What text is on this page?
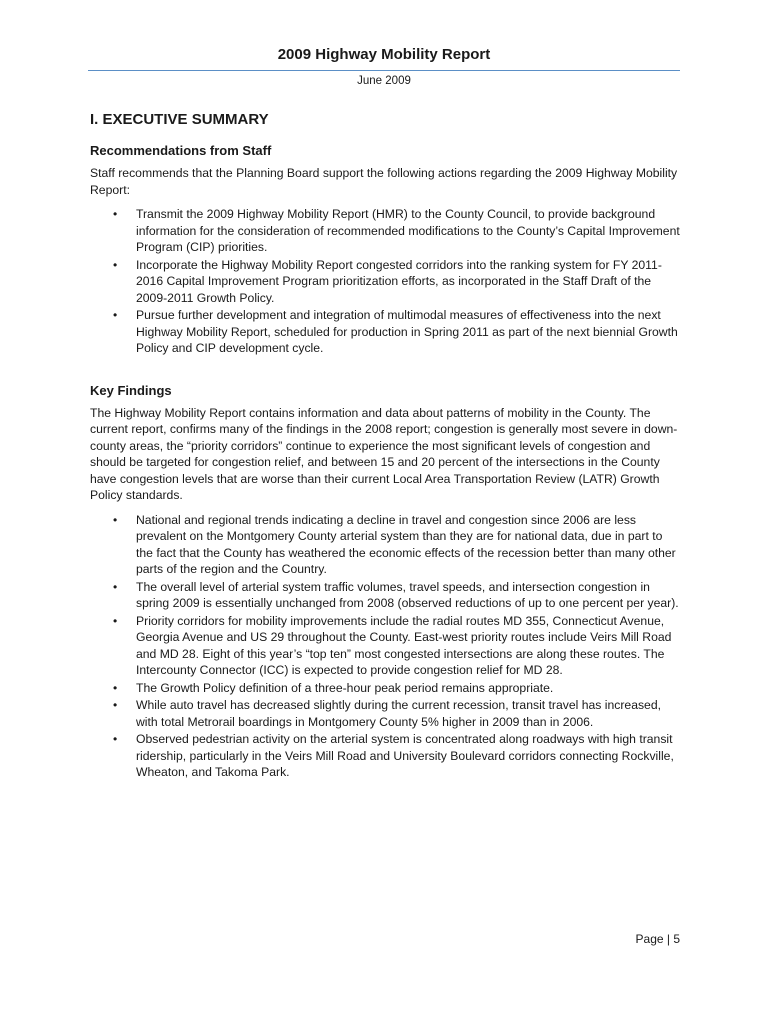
2009 Highway Mobility Report
June 2009
I. EXECUTIVE SUMMARY
Recommendations from Staff

Staff recommends that the Planning Board support the following actions regarding the 2009 Highway Mobility Report:

• Transmit the 2009 Highway Mobility Report (HMR) to the County Council, to provide background information for the consideration of recommended modifications to the County’s Capital Improvement Program (CIP) priorities.
• Incorporate the Highway Mobility Report congested corridors into the ranking system for FY 2011-2016 Capital Improvement Program prioritization efforts, as incorporated in the Staff Draft of the 2009-2011 Growth Policy.
• Pursue further development and integration of multimodal measures of effectiveness into the next Highway Mobility Report, scheduled for production in Spring 2011 as part of the next biennial Growth Policy and CIP development cycle.
Key Findings

The Highway Mobility Report contains information and data about patterns of mobility in the County. The current report, confirms many of the findings in the 2008 report; congestion is generally most severe in down-county areas, the “priority corridors” continue to experience the most significant levels of congestion and should be targeted for congestion relief, and between 15 and 20 percent of the intersections in the County have congestion levels that are worse than their current Local Area Transportation Review (LATR) Growth Policy standards.

• National and regional trends indicating a decline in travel and congestion since 2006 are less prevalent on the Montgomery County arterial system than they are for national data, due in part to the fact that the County has weathered the economic effects of the recession better than many other parts of the region and the Country.
• The overall level of arterial system traffic volumes, travel speeds, and intersection congestion in spring 2009 is essentially unchanged from 2008 (observed reductions of up to one percent per year).
• Priority corridors for mobility improvements include the radial routes MD 355, Connecticut Avenue, Georgia Avenue and US 29 throughout the County. East-west priority routes include Veirs Mill Road and MD 28. Eight of this year’s “top ten” most congested intersections are along these routes. The Intercounty Connector (ICC) is expected to provide congestion relief for MD 28.
• The Growth Policy definition of a three-hour peak period remains appropriate.
• While auto travel has decreased slightly during the current recession, transit travel has increased, with total Metrorail boardings in Montgomery County 5% higher in 2009 than in 2006.
• Observed pedestrian activity on the arterial system is concentrated along roadways with high transit ridership, particularly in the Veirs Mill Road and University Boulevard corridors connecting Rockville, Wheaton, and Takoma Park.
Page | 5
